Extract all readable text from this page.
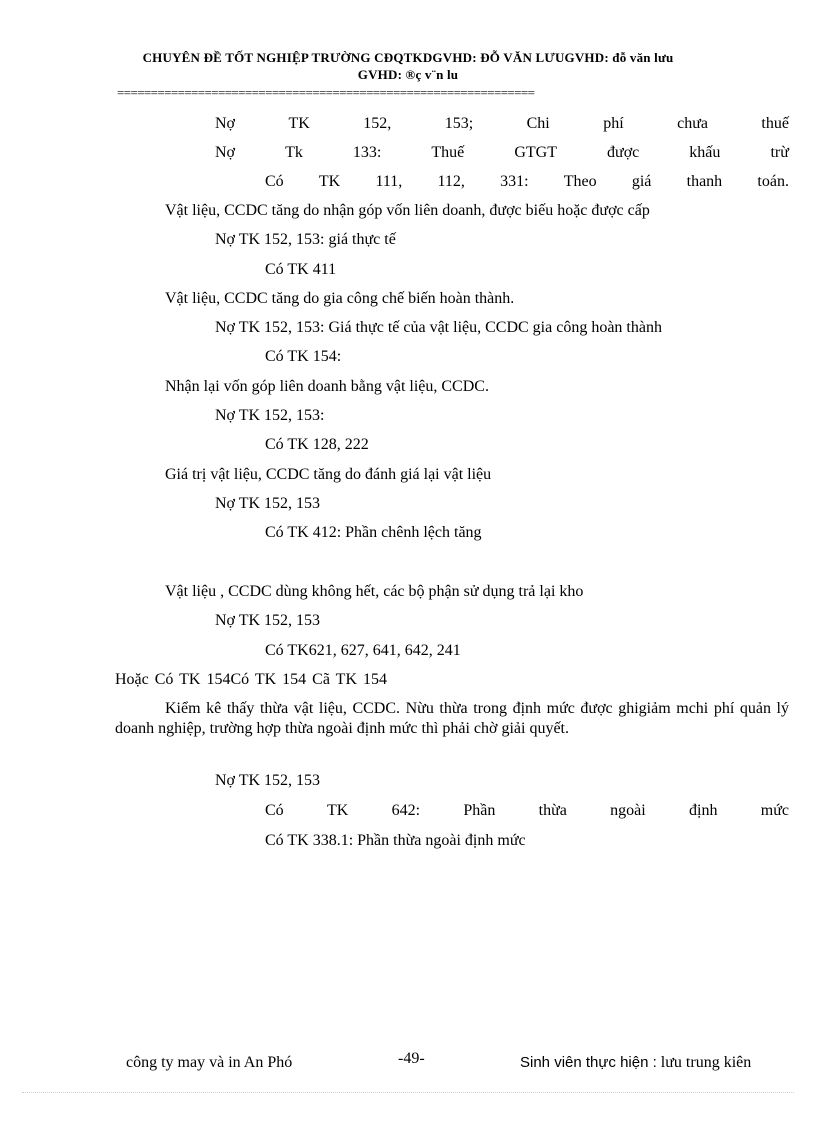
CHUYÊN ĐỀ TỐT NGHIỆP TRƯỜNG CĐQTKDGVHD: ĐỖ VĂN LƯUGVHD: đỗ văn lưu
GVHD: ®ç v¨n lu
==============================================================
Nợ	TK	152,	153;	Chi	phí	chưa	thuế
Nợ	Tk	133:	Thuế	GTGT	được	khấu	trừ
Có TK 111, 112, 331: Theo giá thanh toán.
Vật liệu, CCDC tăng do nhận góp vốn liên doanh, được biếu hoặc được cấp
Nợ TK 152, 153: giá thực tế
Có TK 411
Vật liệu, CCDC tăng do gia công chế biến hoàn thành.
Nợ TK 152, 153: Giá thực tế của vật liệu, CCDC gia công hoàn thành
Có TK 154:
Nhận lại vốn góp liên doanh bằng vật liệu, CCDC.
Nợ TK 152, 153:
Có TK 128, 222
Giá trị vật liệu, CCDC tăng do đánh giá lại vật liệu
Nợ TK 152, 153
Có TK 412: Phần chênh lệch tăng
Vật liệu , CCDC dùng không hết, các bộ phận sử dụng trả lại kho
Nợ TK 152, 153
Có TK621, 627, 641, 642, 241
Hoặc Có TK 154Có TK 154 Cã TK 154
Kiểm kê thấy thừa vật liệu, CCDC. Nừu thừa trong định mức được ghigiảm mchi phí quản lý doanh nghiệp, trường hợp thừa ngoài định mức thì phải chờ giải quyết.
Nợ TK 152, 153
Có	TK	642:	Phần	thừa	ngoài	định	mức
Có TK 338.1: Phần thừa ngoài định mức
công ty may và in An Phó	-49-	Sinh viên thực hiện : lưu trung kiên
